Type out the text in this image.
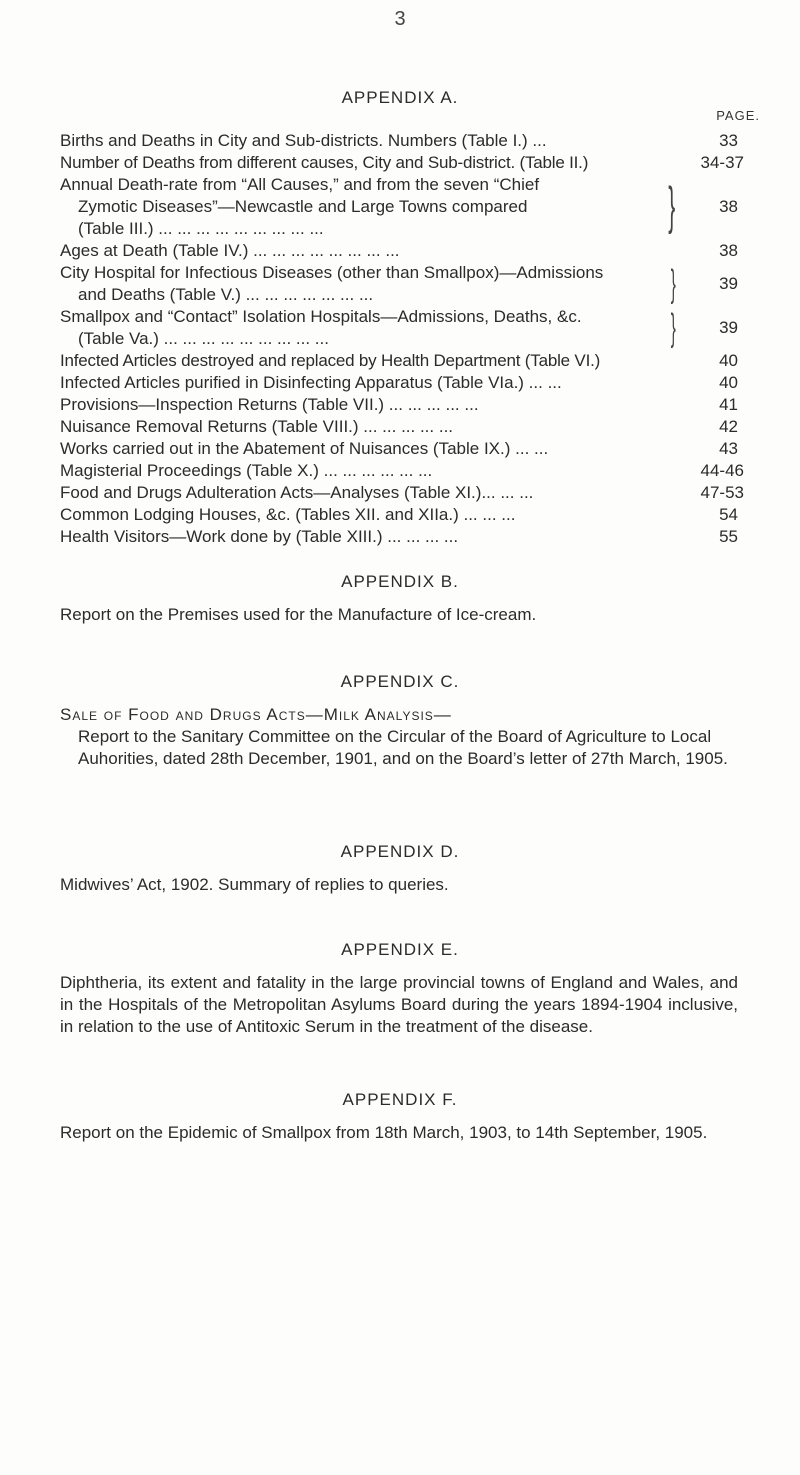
3
APPENDIX A.
PAGE.
Births and Deaths in City and Sub-districts. Numbers (Table I.) ...	33
Number of Deaths from different causes, City and Sub-district. (Table II.)	34-37
Annual Death-rate from “All Causes,” and from the seven “Chief
Zymotic Diseases”—Newcastle and Large Towns compared
(Table III.) ... ... ... ... ... ... ... ... ...	}	38
Ages at Death (Table IV.) ... ... ... ... ... ... ... ...	38
City Hospital for Infectious Diseases (other than Smallpox)—Admissions
and Deaths (Table V.) ... ... ... ... ... ... ...	}	39
Smallpox and “Contact” Isolation Hospitals—Admissions, Deaths, &c.
(Table Va.) ... ... ... ... ... ... ... ... ...	}	39
Infected Articles destroyed and replaced by Health Department (Table VI.)	40
Infected Articles purified in Disinfecting Apparatus (Table VIa.) ... ...	40
Provisions—Inspection Returns (Table VII.) ... ... ... ... ...	41
Nuisance Removal Returns (Table VIII.) ... ... ... ... ...	42
Works carried out in the Abatement of Nuisances (Table IX.) ... ...	43
Magisterial Proceedings (Table X.) ... ... ... ... ... ...	44-46
Food and Drugs Adulteration Acts—Analyses (Table XI.)... ... ...	47-53
Common Lodging Houses, &c. (Tables XII. and XIIa.) ... ... ...	54
Health Visitors—Work done by (Table XIII.) ... ... ... ...	55
APPENDIX B.
Report on the Premises used for the Manufacture of Ice-cream.
APPENDIX C.
Sale of Food and Drugs Acts—Milk Analysis—
Report to the Sanitary Committee on the Circular of the Board of Agriculture to Local Auhorities, dated 28th December, 1901, and on the Board’s letter of 27th March, 1905.
APPENDIX D.
Midwives’ Act, 1902. Summary of replies to queries.
APPENDIX E.
Diphtheria, its extent and fatality in the large provincial towns of England and Wales, and in the Hospitals of the Metropolitan Asylums Board during the years 1894-1904 inclusive, in relation to the use of Antitoxic Serum in the treatment of the disease.
APPENDIX F.
Report on the Epidemic of Smallpox from 18th March, 1903, to 14th September, 1905.
